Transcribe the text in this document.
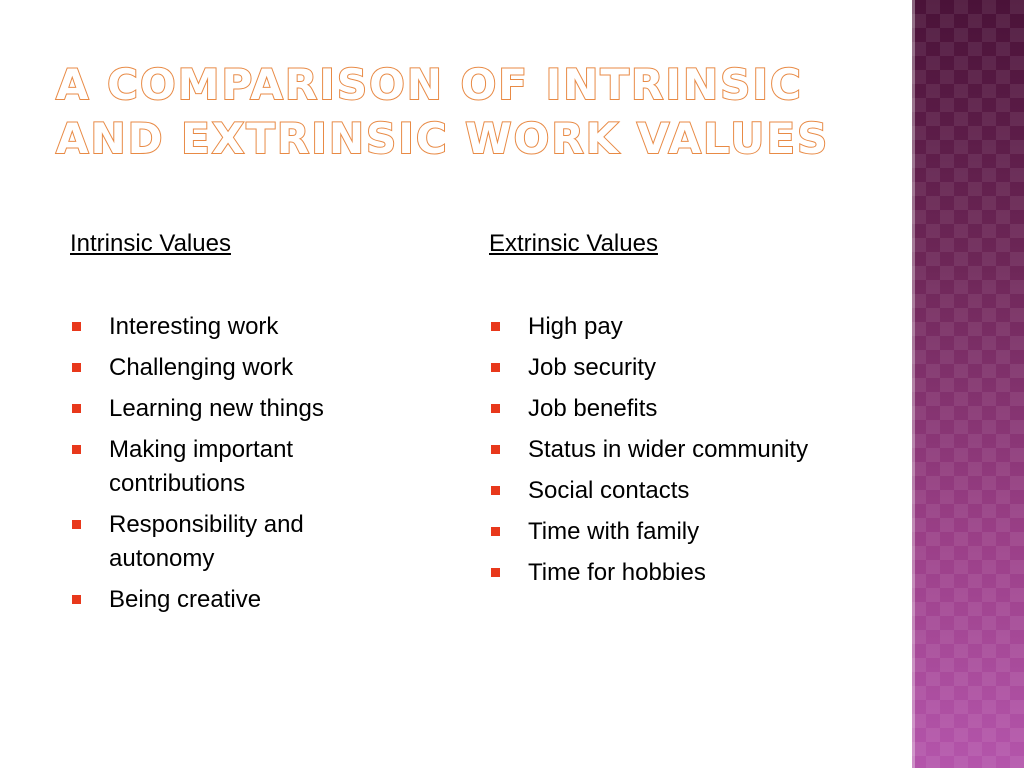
A COMPARISON OF INTRINSIC AND EXTRINSIC WORK VALUES
Intrinsic Values
Interesting work
Challenging work
Learning new things
Making important contributions
Responsibility and autonomy
Being creative
Extrinsic Values
High pay
Job security
Job benefits
Status in wider community
Social contacts
Time with family
Time for hobbies
